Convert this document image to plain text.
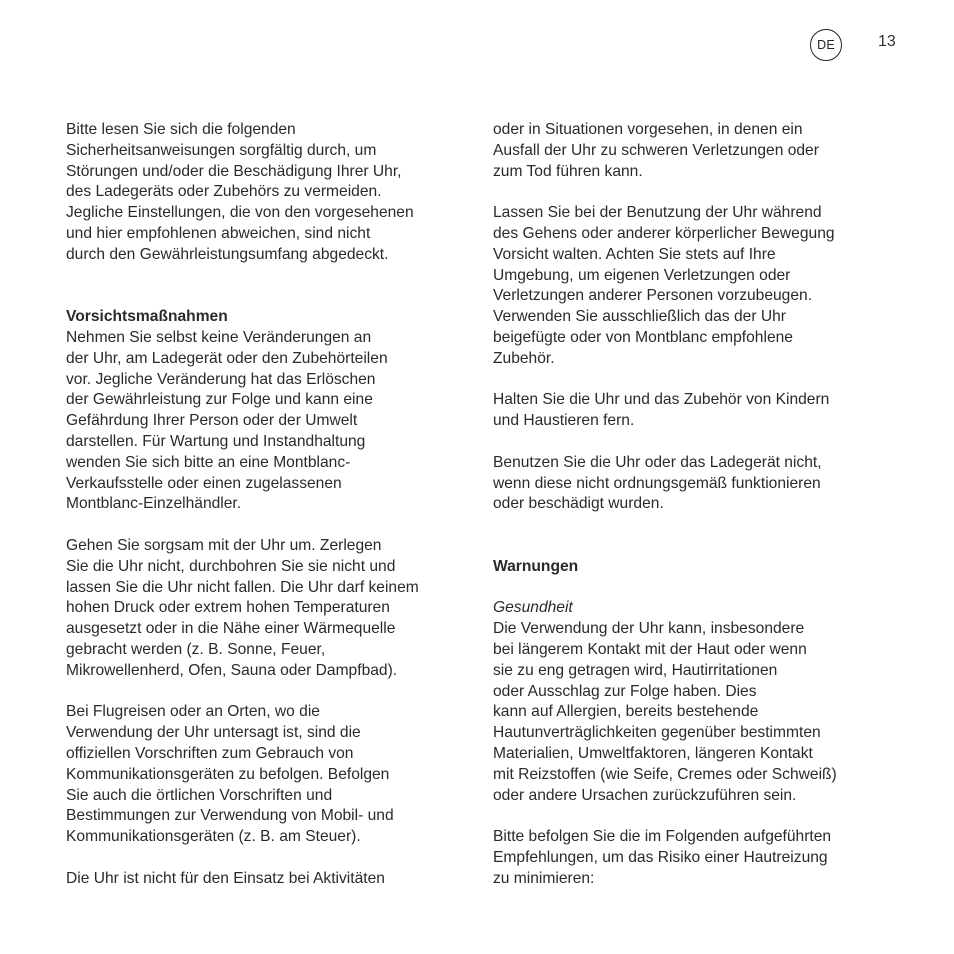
DE	13

Bitte lesen Sie sich die folgenden
Sicherheitsanweisungen sorgfältig durch, um
Störungen und/oder die Beschädigung Ihrer Uhr,
des Ladegeräts oder Zubehörs zu vermeiden.
Jegliche Einstellungen, die von den vorgesehenen
und hier empfohlenen abweichen, sind nicht
durch den Gewährleistungsumfang abgedeckt.

Vorsichtsmaßnahmen

Nehmen Sie selbst keine Veränderungen an
der Uhr, am Ladegerät oder den Zubehörteilen
vor. Jegliche Veränderung hat das Erlöschen
der Gewährleistung zur Folge und kann eine
Gefährdung Ihrer Person oder der Umwelt
darstellen. Für Wartung und Instandhaltung
wenden Sie sich bitte an eine Montblanc-
Verkaufsstelle oder einen zugelassenen
Montblanc-Einzelhändler.

Gehen Sie sorgsam mit der Uhr um. Zerlegen
Sie die Uhr nicht, durchbohren Sie sie nicht und
lassen Sie die Uhr nicht fallen. Die Uhr darf keinem
hohen Druck oder extrem hohen Temperaturen
ausgesetzt oder in die Nähe einer Wärmequelle
gebracht werden (z. B. Sonne, Feuer,
Mikrowellenherd, Ofen, Sauna oder Dampfbad).

Bei Flugreisen oder an Orten, wo die
Verwendung der Uhr untersagt ist, sind die
offiziellen Vorschriften zum Gebrauch von
Kommunikationsgeräten zu befolgen. Befolgen
Sie auch die örtlichen Vorschriften und
Bestimmungen zur Verwendung von Mobil- und
Kommunikationsgeräten (z. B. am Steuer).

Die Uhr ist nicht für den Einsatz bei Aktivitäten

oder in Situationen vorgesehen, in denen ein
Ausfall der Uhr zu schweren Verletzungen oder
zum Tod führen kann.

Lassen Sie bei der Benutzung der Uhr während
des Gehens oder anderer körperlicher Bewegung
Vorsicht walten. Achten Sie stets auf Ihre
Umgebung, um eigenen Verletzungen oder
Verletzungen anderer Personen vorzubeugen.
Verwenden Sie ausschließlich das der Uhr
beigefügte oder von Montblanc empfohlene
Zubehör.

Halten Sie die Uhr und das Zubehör von Kindern
und Haustieren fern.

Benutzen Sie die Uhr oder das Ladegerät nicht,
wenn diese nicht ordnungsgemäß funktionieren
oder beschädigt wurden.

Warnungen

Gesundheit

Die Verwendung der Uhr kann, insbesondere
bei längerem Kontakt mit der Haut oder wenn
sie zu eng getragen wird, Hautirritationen
oder Ausschlag zur Folge haben. Dies
kann auf Allergien, bereits bestehende
Hautunverträglichkeiten gegenüber bestimmten
Materialien, Umweltfaktoren, längeren Kontakt
mit Reizstoffen (wie Seife, Cremes oder Schweiß)
oder andere Ursachen zurückzuführen sein.

Bitte befolgen Sie die im Folgenden aufgeführten
Empfehlungen, um das Risiko einer Hautreizung
zu minimieren:
